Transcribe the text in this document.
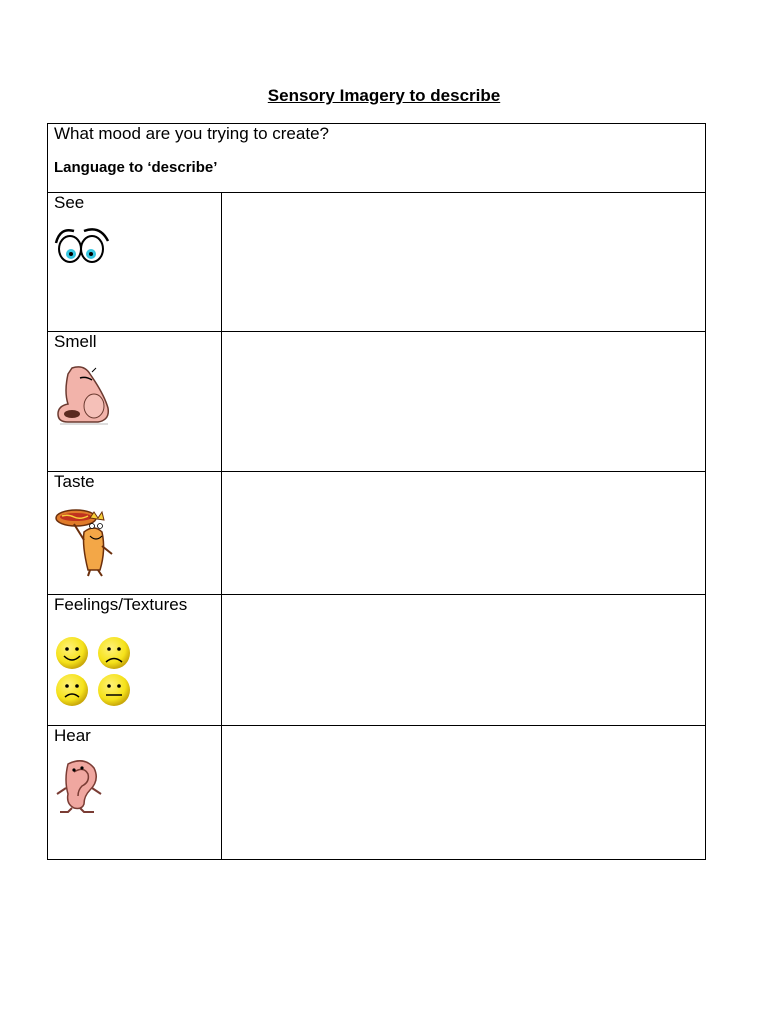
Sensory Imagery to describe
What mood are you trying to create?
Language to ‘describe’
See
Smell
Taste
Feelings/Textures
Hear
